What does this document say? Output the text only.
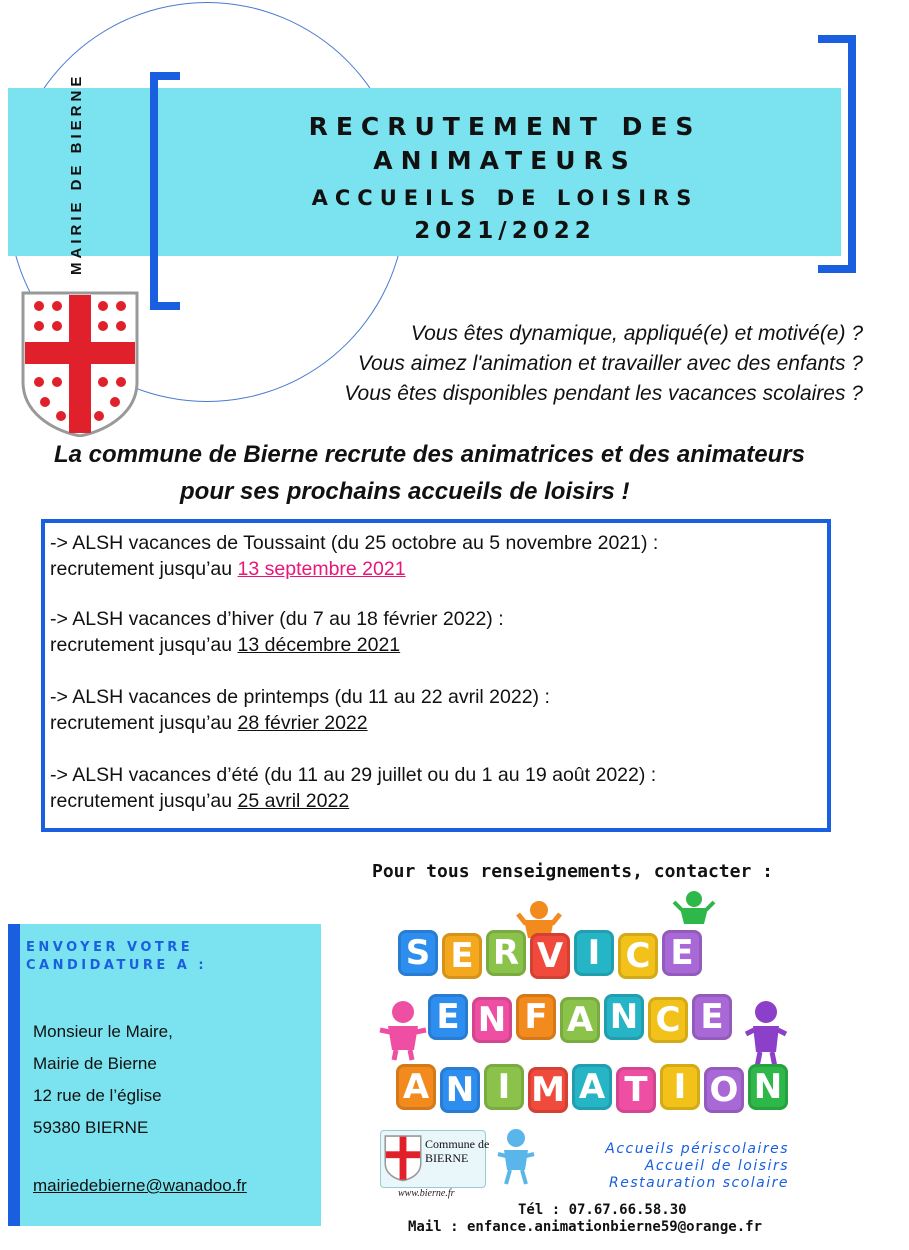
MAIRIE DE BIERNE	RECRUTEMENT DES
ANIMATEURS
ACCUEILS DE LOISIRS
2021/2022
Vous êtes dynamique, appliqué(e) et motivé(e) ?
Vous aimez l'animation et travailler avec des enfants ?
Vous êtes disponibles pendant les vacances scolaires ?
La commune de Bierne recrute des animatrices et des animateurs
pour ses prochains accueils de loisirs !
-> ALSH vacances de Toussaint (du 25 octobre au 5 novembre 2021) :
recrutement jusqu’au 13 septembre 2021
-> ALSH vacances d’hiver (du 7 au 18 février 2022) :
recrutement jusqu’au 13 décembre 2021
-> ALSH vacances de printemps (du 11 au 22 avril 2022) :
recrutement jusqu’au 28 février 2022
-> ALSH vacances d’été (du 11 au 29 juillet ou du 1 au 19 août 2022) :
recrutement jusqu’au 25 avril 2022
ENVOYER VOTRE
CANDIDATURE A :
Monsieur le Maire,
Mairie de Bierne
12 rue de l’église
59380 BIERNE
mairiedebierne@wanadoo.fr
Pour tous renseignements, contacter :
S E R V I C E
E N F A N C E
A N I M A T I O N
Commune de
BIERNE
www.bierne.fr
Accueils périscolaires
Accueil de loisirs
Restauration scolaire
Tél : 07.67.66.58.30
Mail : enfance.animationbierne59@orange.fr
